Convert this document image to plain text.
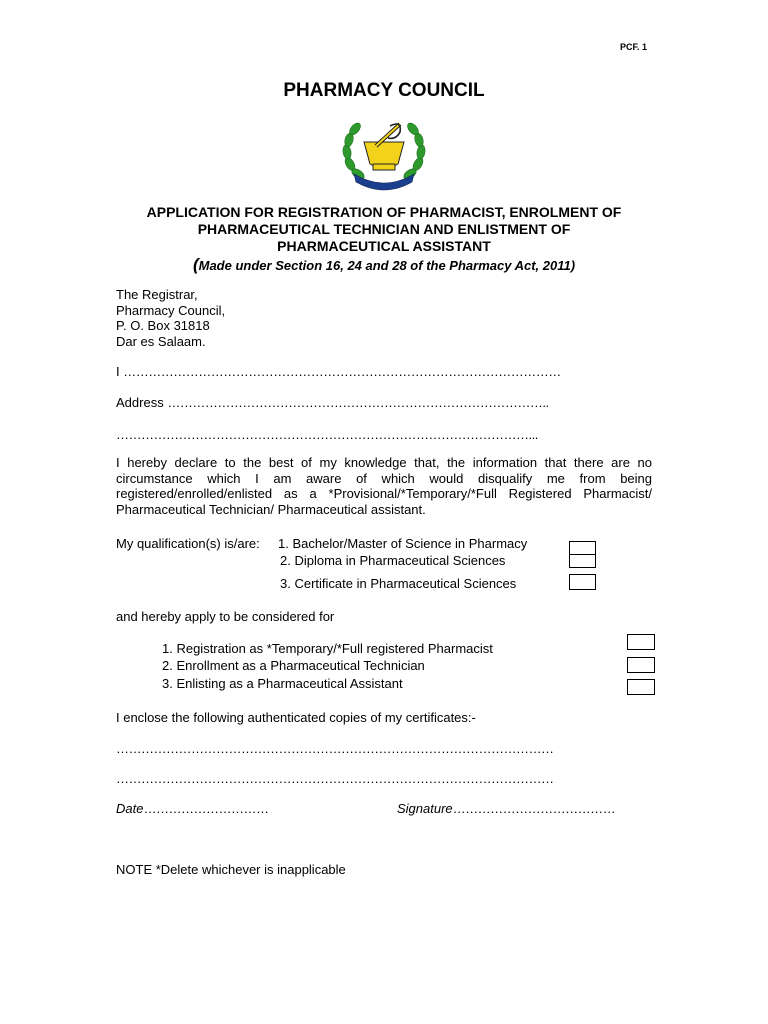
PCF. 1
PHARMACY COUNCIL
APPLICATION FOR REGISTRATION OF PHARMACIST, ENROLMENT OF
PHARMACEUTICAL TECHNICIAN AND ENLISTMENT OF
PHARMACEUTICAL ASSISTANT
(Made under Section 16, 24 and 28 of the Pharmacy Act, 2011)
The Registrar,
Pharmacy Council,
P. O. Box 31818
Dar es Salaam.
I ……………………………………………………………………………………………
Address ………………………………………………………………………………..
………………………………………………………………………………………...
I hereby declare to the best of my knowledge that, the information that there are no circumstance which I am aware of which would disqualify me from being registered/enrolled/enlisted as a *Provisional/*Temporary/*Full Registered Pharmacist/ Pharmaceutical Technician/ Pharmaceutical assistant.
My qualification(s) is/are: 1. Bachelor/Master of Science in Pharmacy
2. Diploma in Pharmaceutical Sciences
3. Certificate in Pharmaceutical Sciences
and hereby apply to be considered for
1. Registration as *Temporary/*Full registered Pharmacist
2. Enrollment as a Pharmaceutical Technician
3. Enlisting as a Pharmaceutical Assistant
I enclose the following authenticated copies of my certificates:-
……………………………………………………………………………………………
……………………………………………………………………………………………
Date…………………………	Signature…………………………………
NOTE *Delete whichever is inapplicable
